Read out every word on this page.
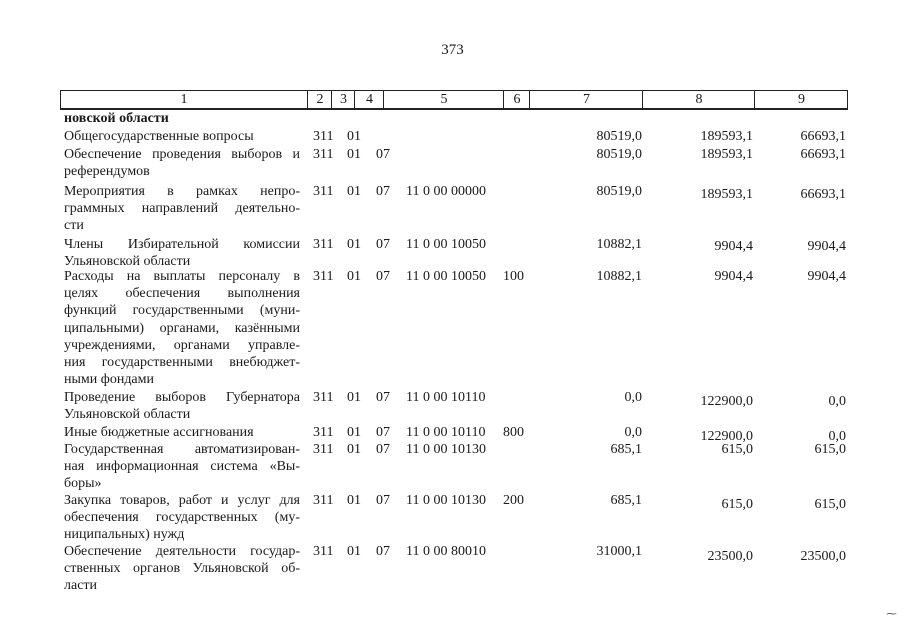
373
1	2	3	4	5	6	7	8	9
новской области
Общегосударственные вопросы	311 01	80519,0	189593,1	66693,1
Обеспечение проведения выборов и
референдумов
311 01 07	80519,0	189593,1	66693,1
Мероприятия в рамках непро-
граммных направлений деятельно-
сти
311 01 07 11 0 00 00000	80519,0	189593,1	66693,1
Члены Избирательной комиссии
Ульяновской области
311 01 07 11 0 00 10050	10882,1	9904,4	9904,4
Расходы на выплаты персоналу в
целях обеспечения выполнения
функций государственными (муни-
ципальными) органами, казёнными
учреждениями, органами управле-
ния государственными внебюджет-
ными фондами
311 01 07 11 0 00 10050 100	10882,1	9904,4	9904,4
Проведение выборов Губернатора
Ульяновской области
311 01 07 11 0 00 10110	0,0	122900,0	0,0
Иные бюджетные ассигнования	311 01 07 11 0 00 10110 800	0,0	122900,0	0,0
Государственная автоматизирован-
ная информационная система «Вы-
боры»
311 01 07 11 0 00 10130	685,1	615,0	615,0
Закупка товаров, работ и услуг для
обеспечения государственных (му-
ниципальных) нужд
311 01 07 11 0 00 10130 200	685,1	615,0	615,0
Обеспечение деятельности государ-
ственных органов Ульяновской об-
ласти
311 01 07 11 0 00 80010	31000,1	23500,0	23500,0
⁓
